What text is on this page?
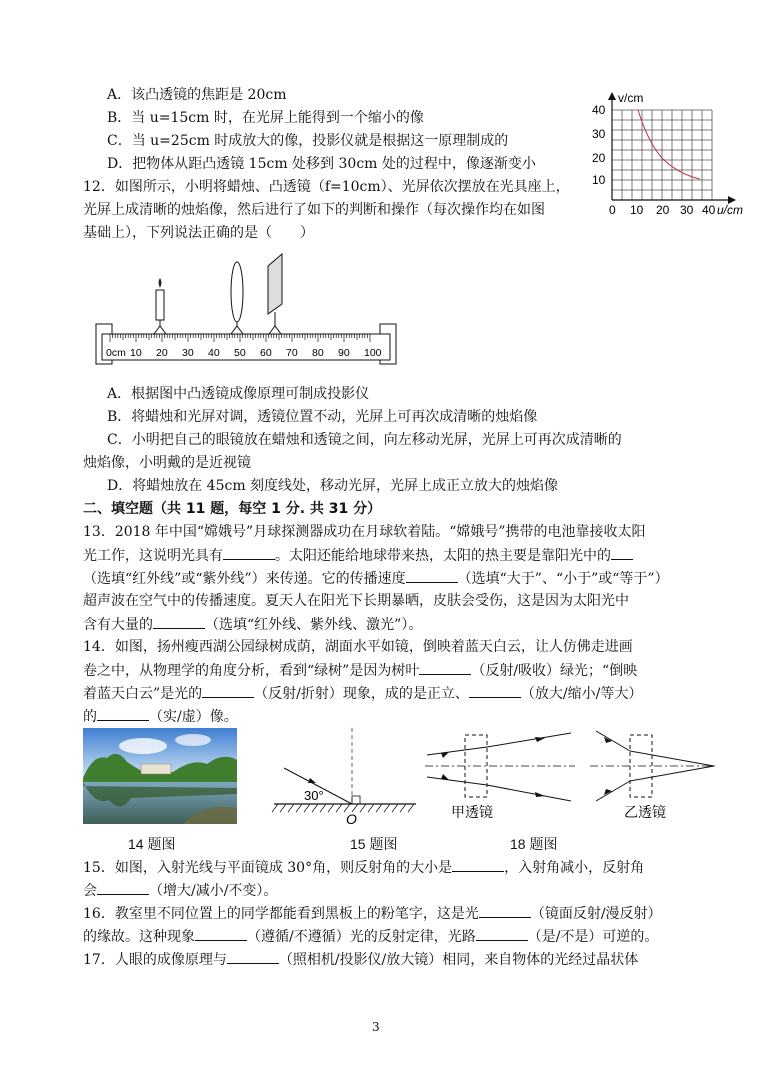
A．该凸透镜的焦距是 20cm
B．当 u=15cm 时，在光屏上能得到一个缩小的像
C．当 u=25cm 时成放大的像，投影仪就是根据这一原理制成的
D．把物体从距凸透镜 15cm 处移到 30cm 处的过程中，像逐渐变小
v/cm
40
30
20
10
0 10 20 30 40 u/cm
12．如图所示，小明将蜡烛、凸透镜（f=10cm）、光屏依次摆放在光具座上，
光屏上成清晰的烛焰像，然后进行了如下的判断和操作（每次操作均在如图
基础上），下列说法正确的是（　　）
0cm 10 20 30 40 50 60 70 80 90 100
A．根据图中凸透镜成像原理可制成投影仪
B．将蜡烛和光屏对调，透镜位置不动，光屏上可再次成清晰的烛焰像
C．小明把自己的眼镜放在蜡烛和透镜之间，向左移动光屏，光屏上可再次成清晰的
烛焰像，小明戴的是近视镜
D．将蜡烛放在 45cm 刻度线处，移动光屏，光屏上成正立放大的烛焰像
二、填空题（共 11 题，每空 1 分. 共 31 分）
13．2018 年中国“嫦娥号”月球探测器成功在月球软着陆。“嫦娥号”携带的电池靠接收太阳
光工作，这说明光具有	。太阳还能给地球带来热，太阳的热主要是靠阳光中的
（选填“红外线”或“紫外线”）来传递。它的传播速度	（选填“大于”、“小于”或“等于”）
超声波在空气中的传播速度。夏天人在阳光下长期暴晒，皮肤会受伤，这是因为太阳光中
含有大量的	（选填“红外线、紫外线、激光”）。
14．如图，扬州瘦西湖公园绿树成荫，湖面水平如镜，倒映着蓝天白云，让人仿佛走进画
卷之中，从物理学的角度分析，看到“绿树”是因为树叶	（反射/吸收）绿光；“倒映
着蓝天白云”是光的	（反射/折射）现象，成的是正立、	（放大/缩小/等大）
的	（实/虚）像。
30°
O	甲透镜	乙透镜
14 题图	15 题图	18 题图
15．如图，入射光线与平面镜成 30°角，则反射角的大小是	，入射角减小，反射角
会	（增大/减小/不变）。
16．教室里不同位置上的同学都能看到黑板上的粉笔字，这是光	（镜面反射/漫反射）
的缘故。这种现象	（遵循/不遵循）光的反射定律，光路	（是/不是）可逆的。
17．人眼的成像原理与	（照相机/投影仪/放大镜）相同，来自物体的光经过晶状体
3
